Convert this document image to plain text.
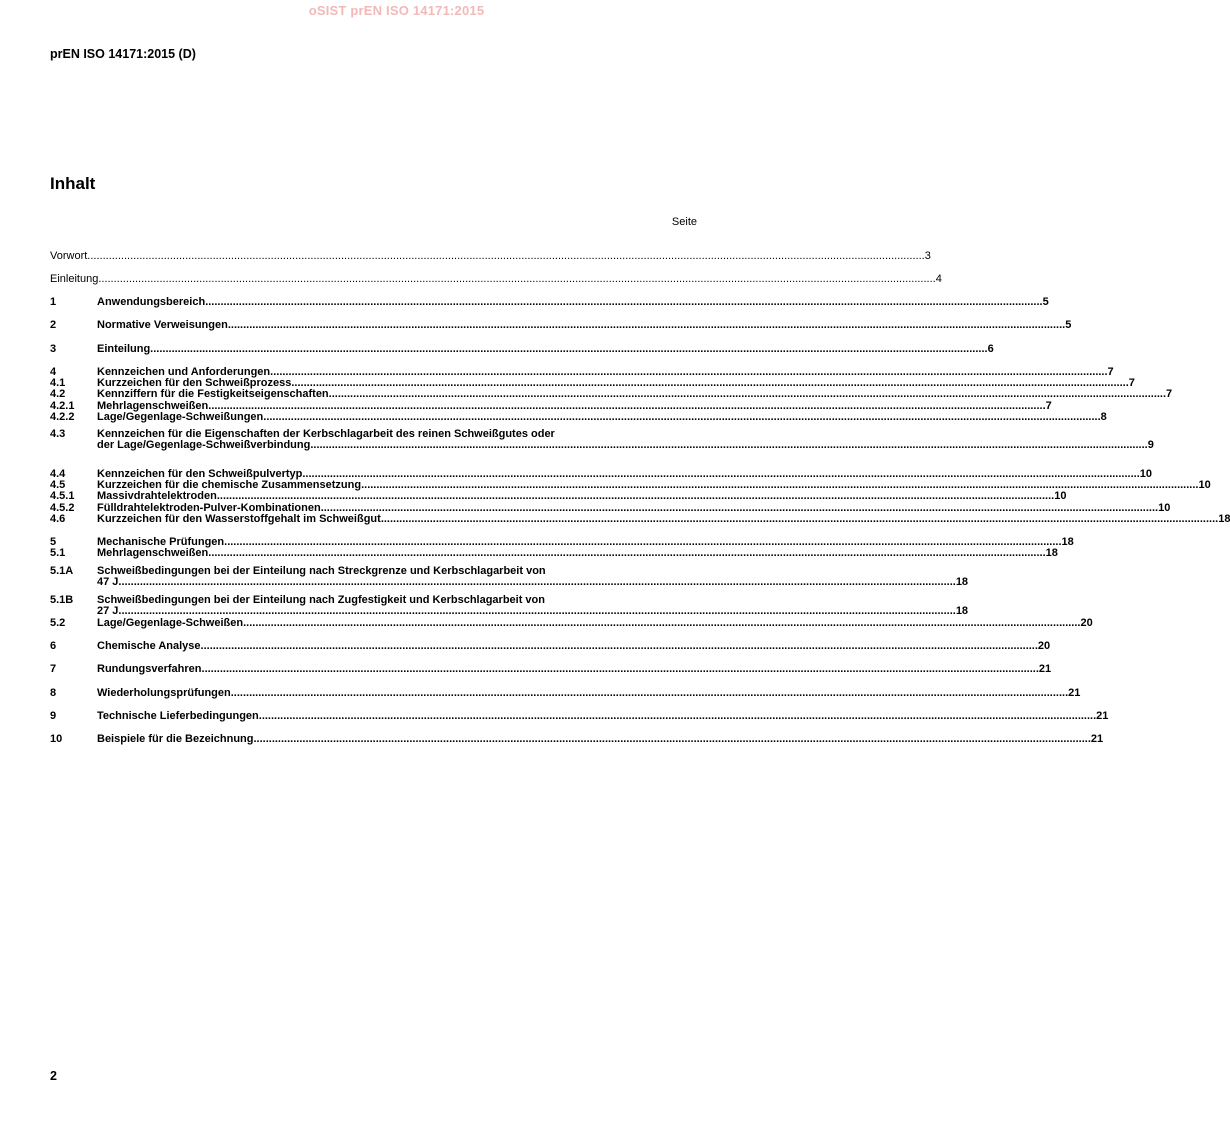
oSIST prEN ISO 14171:2015
prEN ISO 14171:2015 (D)
Inhalt
Seite
Vorwort .....	3
Einleitung .....	4
1	Anwendungsbereich .....	5
2	Normative Verweisungen .....	5
3	Einteilung .....	6
4	Kennzeichen und Anforderungen .....	7
4.1	Kurzzeichen für den Schweißprozess .....	7
4.2	Kennziffern für die Festigkeitseigenschaften .....	7
4.2.1	Mehrlagenschweißen .....	7
4.2.2	Lage/Gegenlage-Schweißungen .....	8
4.3	Kennzeichen für die Eigenschaften der Kerbschlagarbeit des reinen Schweißgutes oder
der Lage/Gegenlage-Schweißverbindung .....	9
4.4	Kennzeichen für den Schweißpulvertyp .....	10
4.5	Kurzzeichen für die chemische Zusammensetzung .....	10
4.5.1	Massivdrahtelektroden .....	10
4.5.2	Fülldrahtelektroden-Pulver-Kombinationen .....	10
4.6	Kurzzeichen für den Wasserstoffgehalt im Schweißgut .....	18
5	Mechanische Prüfungen .....	18
5.1	Mehrlagenschweißen .....	18
5.1A	Schweißbedingungen bei der Einteilung nach Streckgrenze und Kerbschlagarbeit von
47 J .....	18
5.1B	Schweißbedingungen bei der Einteilung nach Zugfestigkeit und Kerbschlagarbeit von
27 J .....	18
5.2	Lage/Gegenlage-Schweißen .....	20
6	Chemische Analyse .....	20
7	Rundungsverfahren .....	21
8	Wiederholungsprüfungen .....	21
9	Technische Lieferbedingungen .....	21
10	Beispiele für die Bezeichnung .....	21
2
